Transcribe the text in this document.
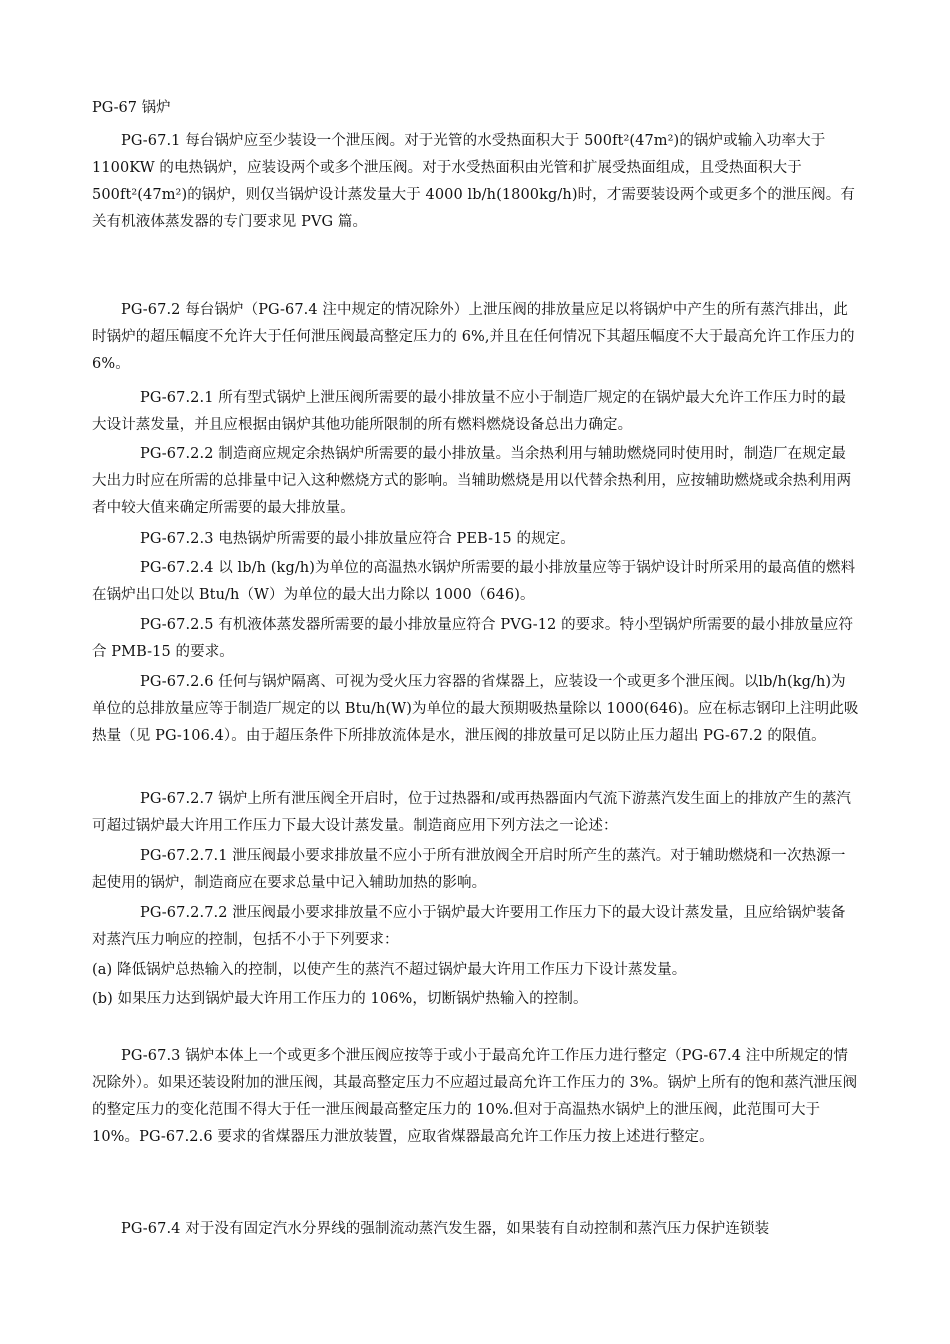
PG-67 锅炉
PG-67.1 每台锅炉应至少装设一个泄压阀。对于光管的水受热面积大于 500ft²(47m²)的锅炉或输入功率大于 1100KW 的电热锅炉，应装设两个或多个泄压阀。对于水受热面积由光管和扩展受热面组成，且受热面积大于 500ft²(47m²)的锅炉，则仅当锅炉设计蒸发量大于 4000 lb/h(1800kg/h)时，才需要装设两个或更多个的泄压阀。有关有机液体蒸发器的专门要求见 PVG 篇。
PG-67.2 每台锅炉（PG-67.4 注中规定的情况除外）上泄压阀的排放量应足以将锅炉中产生的所有蒸汽排出，此时锅炉的超压幅度不允许大于任何泄压阀最高整定压力的 6%,并且在任何情况下其超压幅度不大于最高允许工作压力的 6%。
PG-67.2.1 所有型式锅炉上泄压阀所需要的最小排放量不应小于制造厂规定的在锅炉最大允许工作压力时的最大设计蒸发量，并且应根据由锅炉其他功能所限制的所有燃料燃烧设备总出力确定。
PG-67.2.2 制造商应规定余热锅炉所需要的最小排放量。当余热利用与辅助燃烧同时使用时，制造厂在规定最大出力时应在所需的总排量中记入这种燃烧方式的影响。当辅助燃烧是用以代替余热利用，应按辅助燃烧或余热利用两者中较大值来确定所需要的最大排放量。
PG-67.2.3 电热锅炉所需要的最小排放量应符合 PEB-15 的规定。
PG-67.2.4 以 lb/h (kg/h)为单位的高温热水锅炉所需要的最小排放量应等于锅炉设计时所采用的最高值的燃料在锅炉出口处以 Btu/h（W）为单位的最大出力除以 1000（646)。
PG-67.2.5 有机液体蒸发器所需要的最小排放量应符合 PVG-12 的要求。特小型锅炉所需要的最小排放量应符合 PMB-15 的要求。
PG-67.2.6 任何与锅炉隔离、可视为受火压力容器的省煤器上，应装设一个或更多个泄压阀。以lb/h(kg/h)为单位的总排放量应等于制造厂规定的以 Btu/h(W)为单位的最大预期吸热量除以 1000(646)。应在标志钢印上注明此吸热量（见 PG-106.4）。由于超压条件下所排放流体是水，泄压阀的排放量可足以防止压力超出 PG-67.2 的限值。
PG-67.2.7 锅炉上所有泄压阀全开启时，位于过热器和/或再热器面内气流下游蒸汽发生面上的排放产生的蒸汽可超过锅炉最大许用工作压力下最大设计蒸发量。制造商应用下列方法之一论述：
PG-67.2.7.1 泄压阀最小要求排放量不应小于所有泄放阀全开启时所产生的蒸汽。对于辅助燃烧和一次热源一起使用的锅炉，制造商应在要求总量中记入辅助加热的影响。
PG-67.2.7.2 泄压阀最小要求排放量不应小于锅炉最大许要用工作压力下的最大设计蒸发量，且应给锅炉装备对蒸汽压力响应的控制，包括不小于下列要求：
(a) 降低锅炉总热输入的控制，以使产生的蒸汽不超过锅炉最大许用工作压力下设计蒸发量。
(b) 如果压力达到锅炉最大许用工作压力的 106%，切断锅炉热输入的控制。
PG-67.3 锅炉本体上一个或更多个泄压阀应按等于或小于最高允许工作压力进行整定（PG-67.4 注中所规定的情况除外）。如果还装设附加的泄压阀，其最高整定压力不应超过最高允许工作压力的 3%。锅炉上所有的饱和蒸汽泄压阀的整定压力的变化范围不得大于任一泄压阀最高整定压力的 10%.但对于高温热水锅炉上的泄压阀，此范围可大于 10%。PG-67.2.6 要求的省煤器压力泄放装置，应取省煤器最高允许工作压力按上述进行整定。
PG-67.4 对于没有固定汽水分界线的强制流动蒸汽发生器，如果装有自动控制和蒸汽压力保护连锁装
